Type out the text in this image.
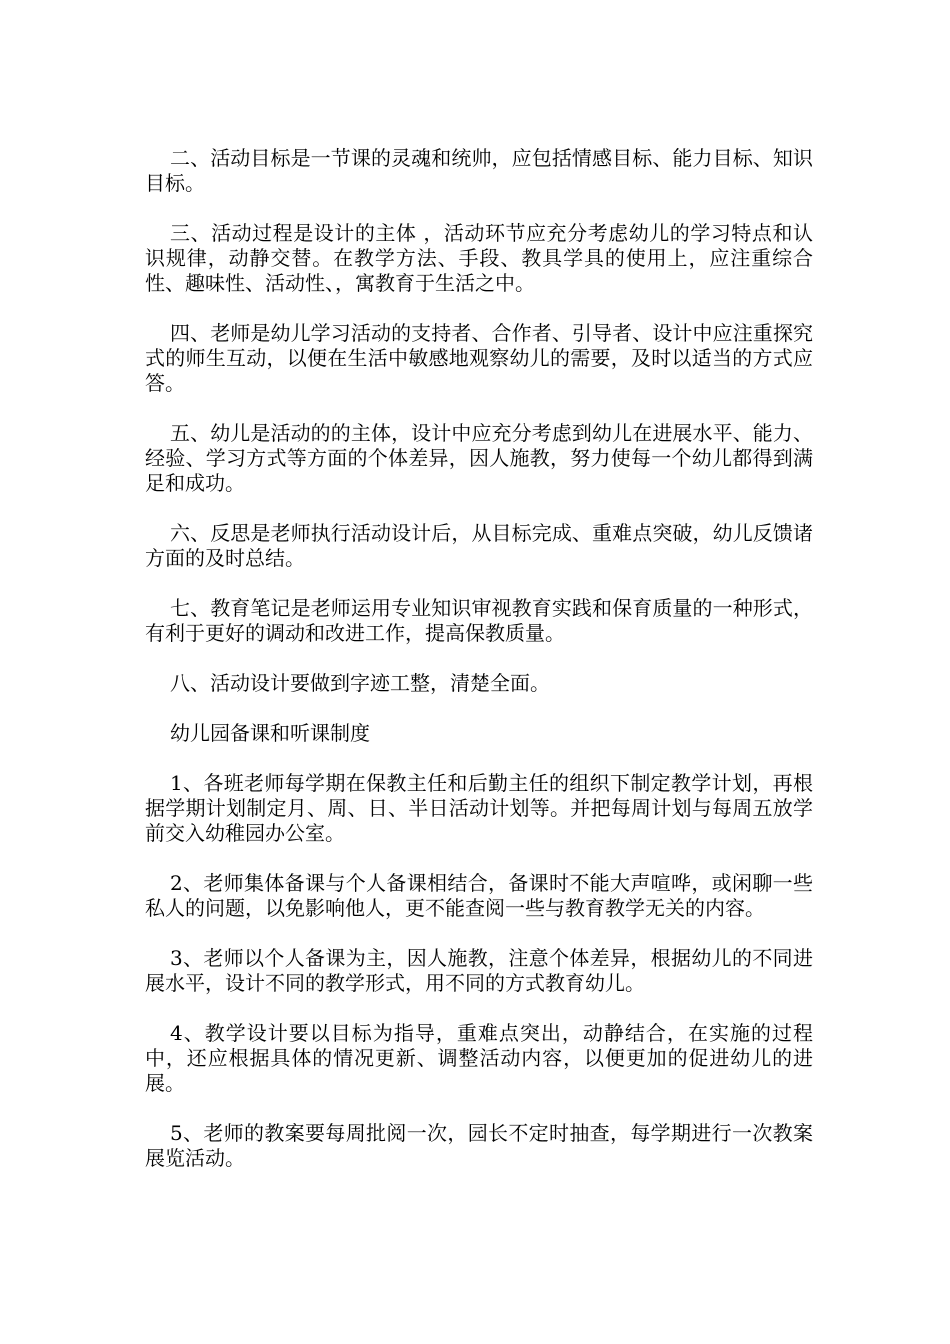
二、活动目标是一节课的灵魂和统帅，应包括情感目标、能力目标、知识目标。

三、活动过程是设计的主体 ，活动环节应充分考虑幼儿的学习特点和认识规律，动静交替。在教学方法、手段、教具学具的使用上，应注重综合性、趣味性、活动性、，寓教育于生活之中。

四、老师是幼儿学习活动的支持者、合作者、引导者、设计中应注重探究式的师生互动，以便在生活中敏感地观察幼儿的需要，及时以适当的方式应答。

五、幼儿是活动的的主体，设计中应充分考虑到幼儿在进展水平、能力、经验、学习方式等方面的个体差异，因人施教，努力使每一个幼儿都得到满足和成功。

六、反思是老师执行活动设计后，从目标完成、重难点突破，幼儿反馈诸方面的及时总结。

七、教育笔记是老师运用专业知识审视教育实践和保育质量的一种形式，有利于更好的调动和改进工作，提高保教质量。

八、活动设计要做到字迹工整，清楚全面。

幼儿园备课和听课制度

1、各班老师每学期在保教主任和后勤主任的组织下制定教学计划，再根据学期计划制定月、周、日、半日活动计划等。并把每周计划与每周五放学前交入幼稚园办公室。

2、老师集体备课与个人备课相结合，备课时不能大声喧哗，或闲聊一些私人的问题，以免影响他人，更不能查阅一些与教育教学无关的内容。

3、老师以个人备课为主，因人施教，注意个体差异，根据幼儿的不同进展水平，设计不同的教学形式，用不同的方式教育幼儿。

4、教学设计要以目标为指导，重难点突出，动静结合，在实施的过程中，还应根据具体的情况更新、调整活动内容，以便更加的促进幼儿的进展。

5、老师的教案要每周批阅一次，园长不定时抽查，每学期进行一次教案展览活动。
